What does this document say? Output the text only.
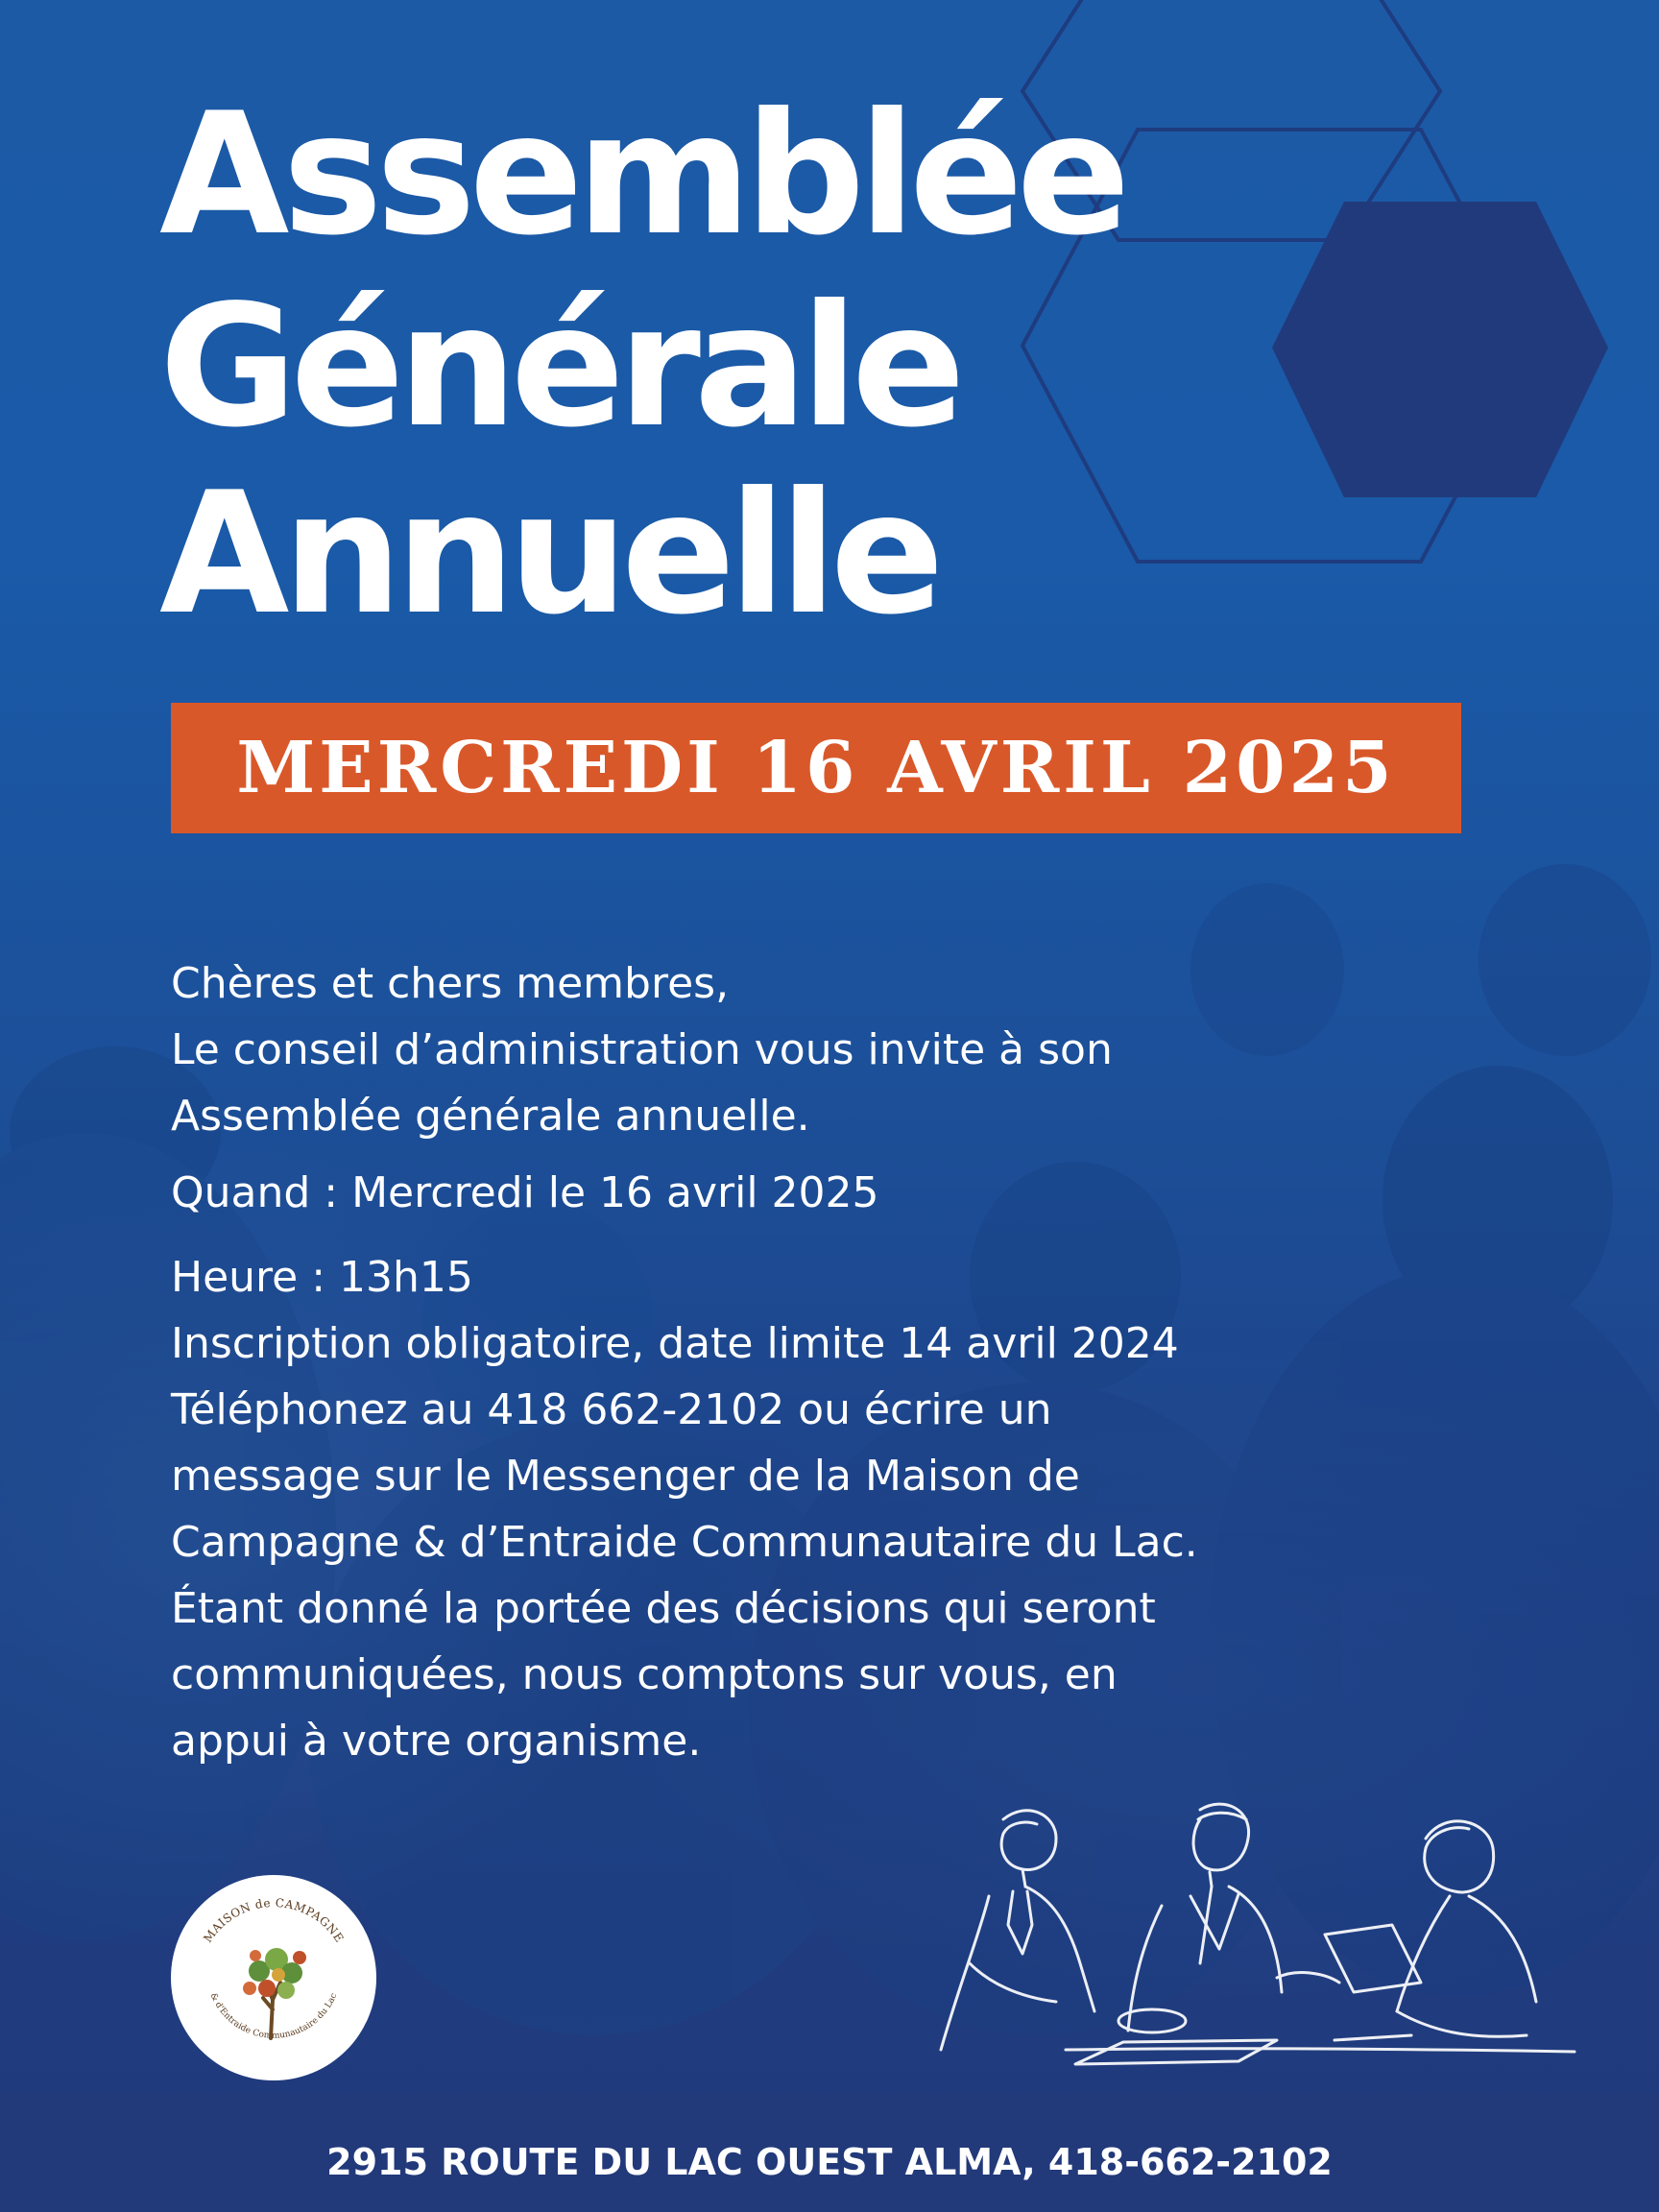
Assemblée
Générale
Annuelle
MERCREDI 16 AVRIL 2025
Chères et chers membres,
Le conseil d’administration vous invite à son
Assemblée générale annuelle.
Quand : Mercredi le 16 avril 2025
Heure : 13h15
Inscription obligatoire, date limite 14 avril 2024
Téléphonez au 418 662-2102 ou écrire un
message sur le Messenger de la Maison de
Campagne & d’Entraide Communautaire du Lac.
Étant donné la portée des décisions qui seront
communiquées, nous comptons sur vous, en
appui à votre organisme.
MAISON de CAMPAGNE
& d'Entraide Communautaire du Lac
2915 ROUTE DU LAC OUEST ALMA, 418-662-2102
